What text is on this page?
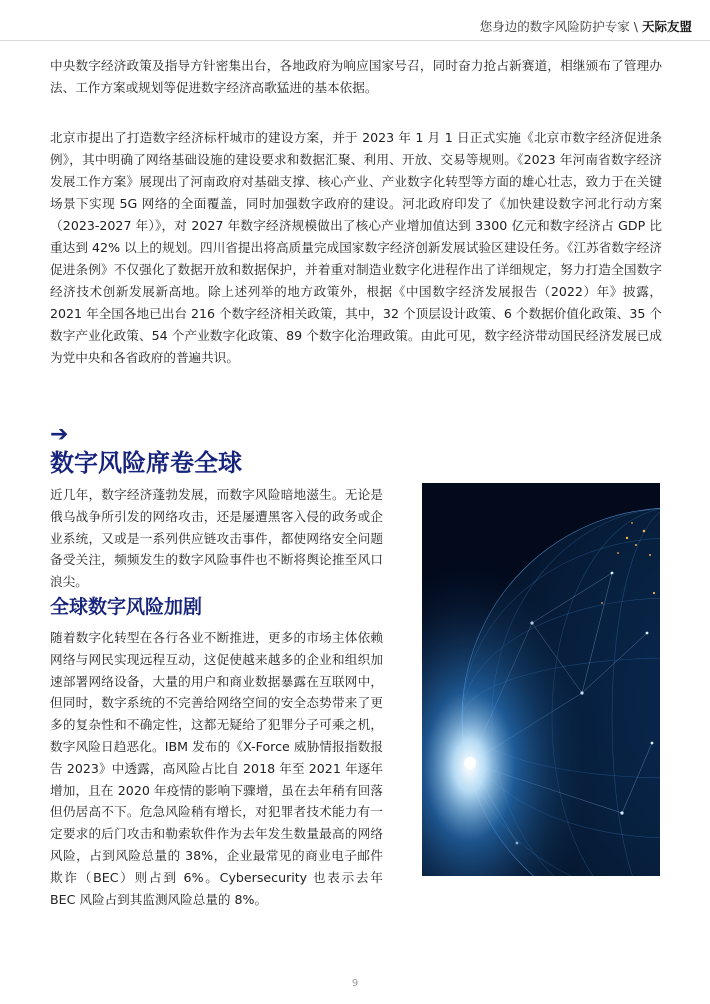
您身边的数字风险防护专家 \ 天际友盟

中央数字经济政策及指导方针密集出台，各地政府为响应国家号召，同时奋力抢占新赛道，相继颁布了管理办法、工作方案或规划等促进数字经济高歌猛进的基本依据。

北京市提出了打造数字经济标杆城市的建设方案，并于 2023 年 1 月 1 日正式实施《北京市数字经济促进条例》，其中明确了网络基础设施的建设要求和数据汇聚、利用、开放、交易等规则。《2023 年河南省数字经济发展工作方案》展现出了河南政府对基础支撑、核心产业、产业数字化转型等方面的雄心壮志，致力于在关键场景下实现 5G 网络的全面覆盖，同时加强数字政府的建设。河北政府印发了《加快建设数字河北行动方案（2023-2027 年）》，对 2027 年数字经济规模做出了核心产业增加值达到 3300 亿元和数字经济占 GDP 比重达到 42% 以上的规划。四川省提出将高质量完成国家数字经济创新发展试验区建设任务。《江苏省数字经济促进条例》不仅强化了数据开放和数据保护，并着重对制造业数字化进程作出了详细规定，努力打造全国数字经济技术创新发展新高地。除上述列举的地方政策外，根据《中国数字经济发展报告（2022）年》披露，2021 年全国各地已出台 216 个数字经济相关政策，其中，32 个顶层设计政策、6 个数据价值化政策、35 个数字产业化政策、54 个产业数字化政策、89 个数字化治理政策。由此可见，数字经济带动国民经济发展已成为党中央和各省政府的普遍共识。

➔
数字风险席卷全球

近几年，数字经济蓬勃发展，而数字风险暗地滋生。无论是俄乌战争所引发的网络攻击，还是屡遭黑客入侵的政务或企业系统，又或是一系列供应链攻击事件，都使网络安全问题备受关注，频频发生的数字风险事件也不断将舆论推至风口浪尖。

全球数字风险加剧

随着数字化转型在各行各业不断推进，更多的市场主体依赖网络与网民实现远程互动，这促使越来越多的企业和组织加速部署网络设备，大量的用户和商业数据暴露在互联网中，但同时，数字系统的不完善给网络空间的安全态势带来了更多的复杂性和不确定性，这都无疑给了犯罪分子可乘之机，数字风险日趋恶化。IBM 发布的《X-Force 威胁情报指数报告 2023》中透露，高风险占比自 2018 年至 2021 年逐年增加，且在 2020 年疫情的影响下骤增，虽在去年稍有回落但仍居高不下。危急风险稍有增长，对犯罪者技术能力有一定要求的后门攻击和勒索软件作为去年发生数量最高的网络风险，占到风险总量的 38%，企业最常见的商业电子邮件欺诈（BEC）则占到 6%。Cybersecurity 也表示去年 BEC 风险占到其监测风险总量的 8%。

9
